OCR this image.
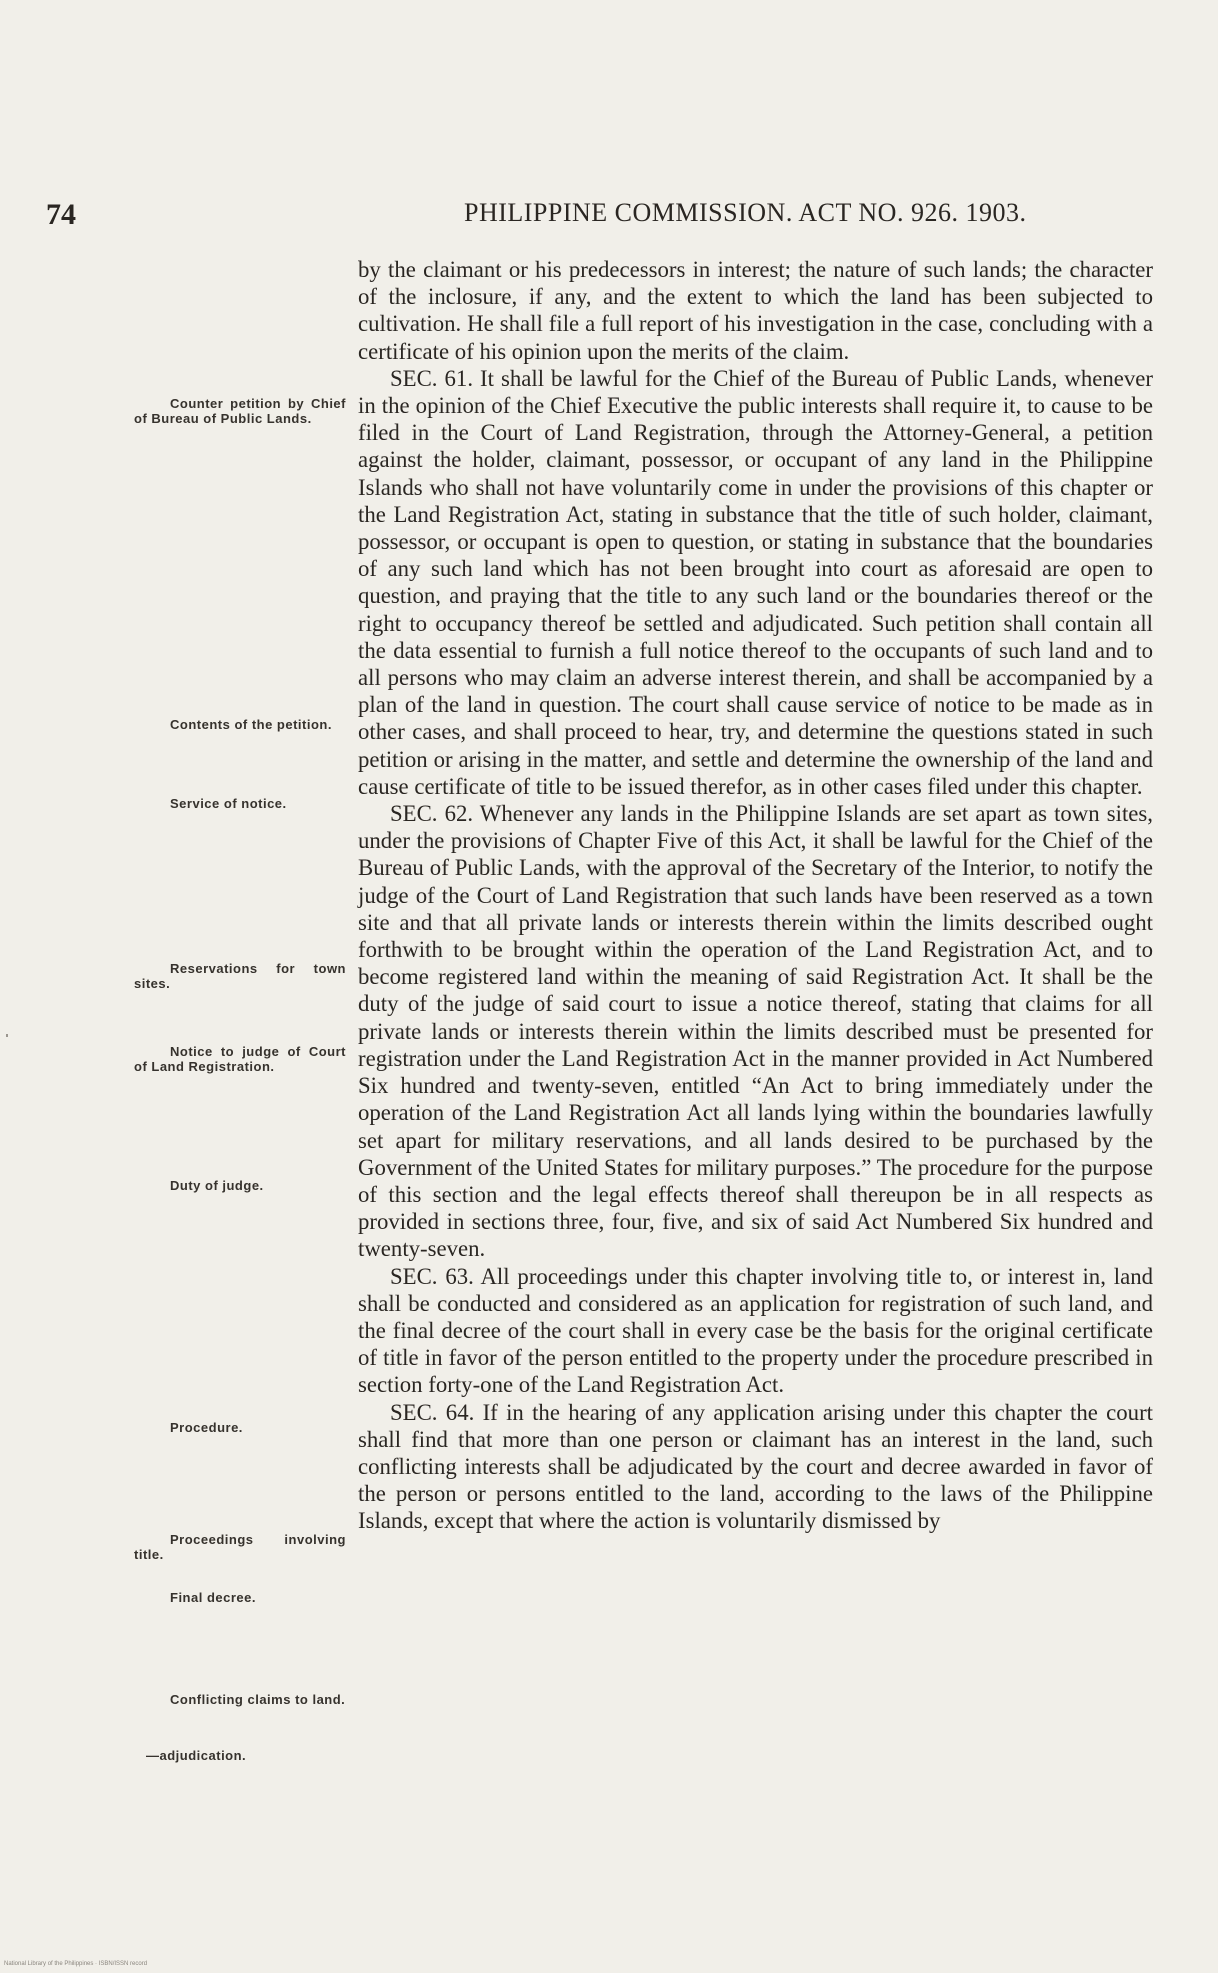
74	PHILIPPINE COMMISSION. ACT NO. 926. 1903.
Counter petition by Chief of Bureau of Public Lands.
Contents of the petition.
Service of notice.
Reservations for town sites.
Notice to judge of Court of Land Registration.
Duty of judge.
Procedure.
Proceedings involving title.
Final decree.
Conflicting claims to land.
—adjudication.

by the claimant or his predecessors in interest; the nature of such lands; the character of the inclosure, if any, and the extent to which the land has been subjected to cultivation. He shall file a full report of his investigation in the case, concluding with a certificate of his opinion upon the merits of the claim.

SEC. 61. It shall be lawful for the Chief of the Bureau of Public Lands, whenever in the opinion of the Chief Executive the public interests shall require it, to cause to be filed in the Court of Land Registration, through the Attorney-General, a petition against the holder, claimant, possessor, or occupant of any land in the Philippine Islands who shall not have voluntarily come in under the provisions of this chapter or the Land Registration Act, stating in substance that the title of such holder, claimant, possessor, or occupant is open to question, or stating in substance that the boundaries of any such land which has not been brought into court as aforesaid are open to question, and praying that the title to any such land or the boundaries thereof or the right to occupancy thereof be settled and adjudicated. Such petition shall contain all the data essential to furnish a full notice thereof to the occupants of such land and to all persons who may claim an adverse interest therein, and shall be accompanied by a plan of the land in question. The court shall cause service of notice to be made as in other cases, and shall proceed to hear, try, and determine the questions stated in such petition or arising in the matter, and settle and determine the ownership of the land and cause certificate of title to be issued therefor, as in other cases filed under this chapter.

SEC. 62. Whenever any lands in the Philippine Islands are set apart as town sites, under the provisions of Chapter Five of this Act, it shall be lawful for the Chief of the Bureau of Public Lands, with the approval of the Secretary of the Interior, to notify the judge of the Court of Land Registration that such lands have been reserved as a town site and that all private lands or interests therein within the limits described ought forthwith to be brought within the operation of the Land Registration Act, and to become registered land within the meaning of said Registration Act. It shall be the duty of the judge of said court to issue a notice thereof, stating that claims for all private lands or interests therein within the limits described must be presented for registration under the Land Registration Act in the manner provided in Act Numbered Six hundred and twenty-seven, entitled “An Act to bring immediately under the operation of the Land Registration Act all lands lying within the boundaries lawfully set apart for military reservations, and all lands desired to be purchased by the Government of the United States for military purposes.” The procedure for the purpose of this section and the legal effects thereof shall thereupon be in all respects as provided in sections three, four, five, and six of said Act Numbered Six hundred and twenty-seven.

SEC. 63. All proceedings under this chapter involving title to, or interest in, land shall be conducted and considered as an application for registration of such land, and the final decree of the court shall in every case be the basis for the original certificate of title in favor of the person entitled to the property under the procedure prescribed in section forty-one of the Land Registration Act.

SEC. 64. If in the hearing of any application arising under this chapter the court shall find that more than one person or claimant has an interest in the land, such conflicting interests shall be adjudicated by the court and decree awarded in favor of the person or persons entitled to the land, according to the laws of the Philippine Islands, except that where the action is voluntarily dismissed by

National Library of the Philippines · ISBN/ISSN record
